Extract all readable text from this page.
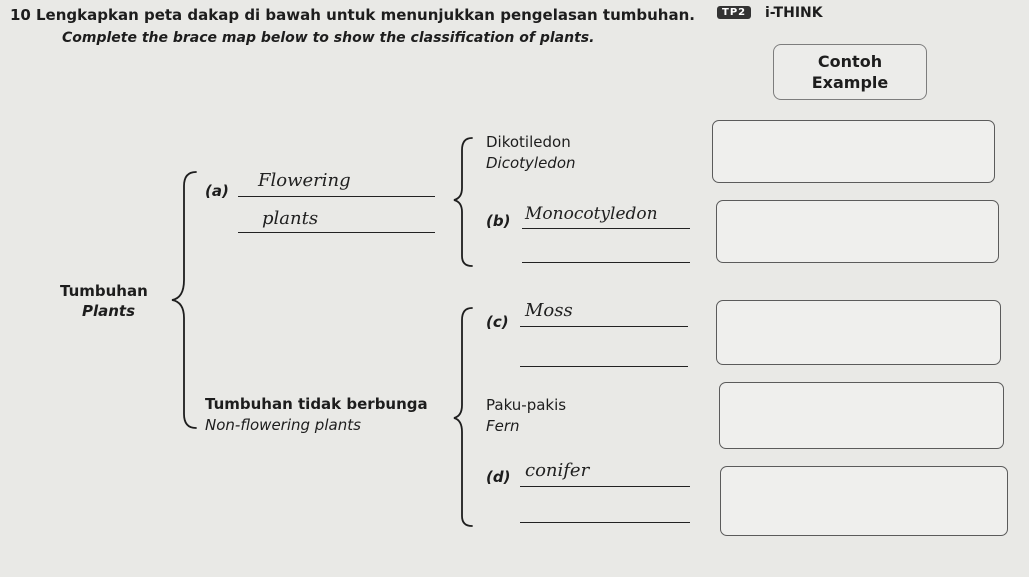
10 Lengkapkan peta dakap di bawah untuk menunjukkan pengelasan tumbuhan.	TP2	i-THINK
Complete the brace map below to show the classification of plants.
Contoh
Example
Tumbuhan
Plants
(a) Flowering
plants
Dikotiledon
Dicotyledon
(b) Monocotyledon
Tumbuhan tidak berbunga
Non-flowering plants
(c)
Moss
Paku-pakis
Fern
(d) conifer
